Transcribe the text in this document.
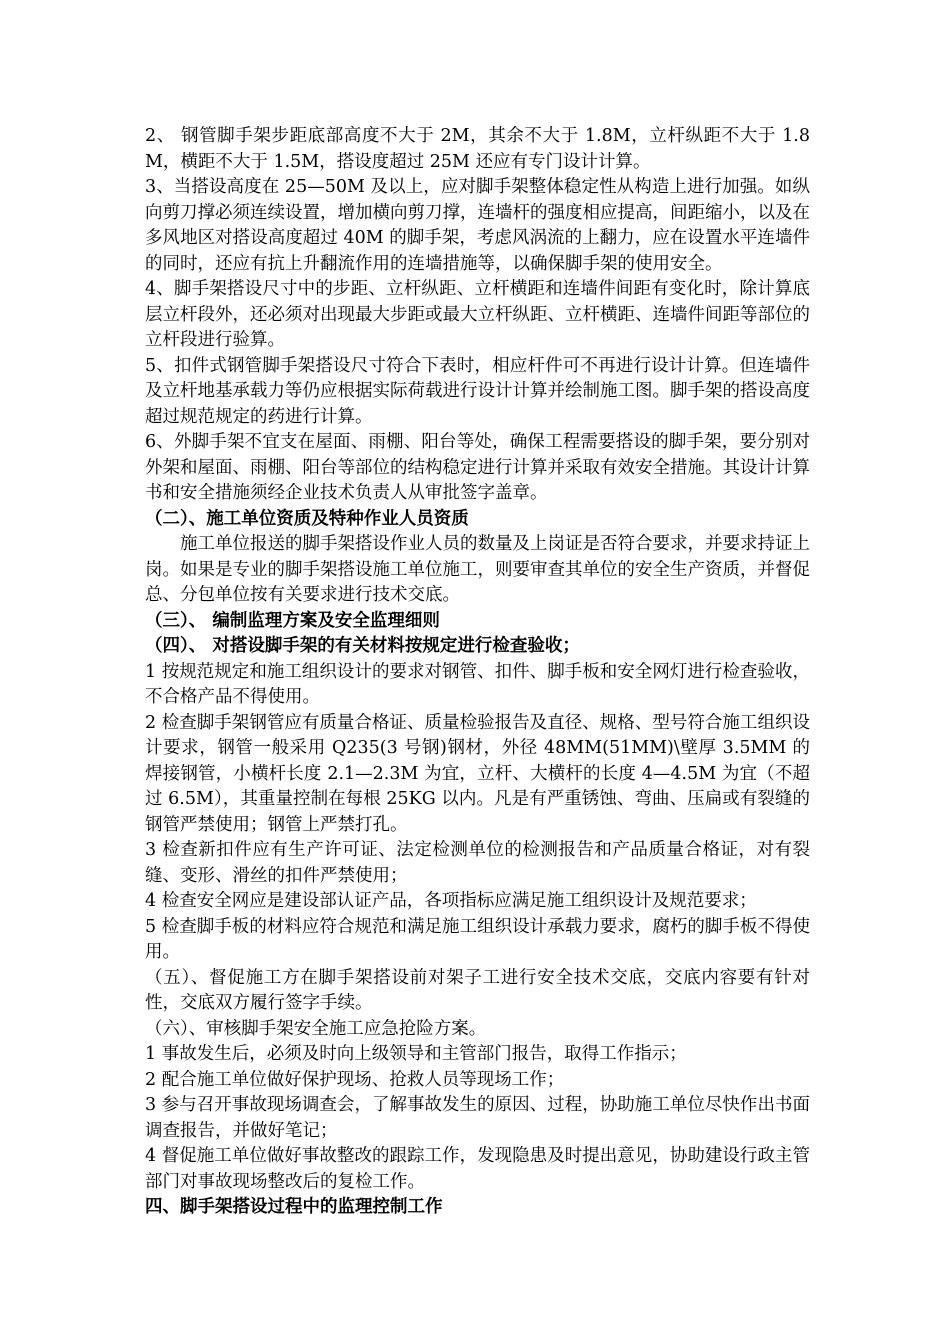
2、 钢管脚手架步距底部高度不大于 2M，其余不大于 1.8M，立杆纵距不大于 1.8M，横距不大于 1.5M，搭设度超过 25M 还应有专门设计计算。

3、当搭设高度在 25—50M 及以上，应对脚手架整体稳定性从构造上进行加强。如纵向剪刀撑必须连续设置，增加横向剪刀撑，连墙杆的强度相应提高，间距缩小，以及在多风地区对搭设高度超过 40M 的脚手架，考虑风涡流的上翻力，应在设置水平连墙件的同时，还应有抗上升翻流作用的连墙措施等，以确保脚手架的使用安全。

4、脚手架搭设尺寸中的步距、立杆纵距、立杆横距和连墙件间距有变化时，除计算底层立杆段外，还必须对出现最大步距或最大立杆纵距、立杆横距、连墙件间距等部位的立杆段进行验算。

5、扣件式钢管脚手架搭设尺寸符合下表时，相应杆件可不再进行设计计算。但连墙件及立杆地基承载力等仍应根据实际荷载进行设计计算并绘制施工图。脚手架的搭设高度超过规范规定的药进行计算。

6、外脚手架不宜支在屋面、雨棚、阳台等处，确保工程需要搭设的脚手架，要分别对外架和屋面、雨棚、阳台等部位的结构稳定进行计算并采取有效安全措施。其设计计算书和安全措施须经企业技术负责人从审批签字盖章。

（二）、施工单位资质及特种作业人员资质

施工单位报送的脚手架搭设作业人员的数量及上岗证是否符合要求，并要求持证上岗。如果是专业的脚手架搭设施工单位施工，则要审查其单位的安全生产资质，并督促总、分包单位按有关要求进行技术交底。

（三）、 编制监理方案及安全监理细则

（四）、 对搭设脚手架的有关材料按规定进行检查验收；

1 按规范规定和施工组织设计的要求对钢管、扣件、脚手板和安全网灯进行检查验收，不合格产品不得使用。

2 检查脚手架钢管应有质量合格证、质量检验报告及直径、规格、型号符合施工组织设计要求，钢管一般采用 Q235(3 号钢)钢材，外径 48MM(51MM)\壁厚 3.5MM 的焊接钢管，小横杆长度 2.1—2.3M 为宜，立杆、大横杆的长度 4—4.5M 为宜（不超过 6.5M），其重量控制在每根 25KG 以内。凡是有严重锈蚀、弯曲、压扁或有裂缝的钢管严禁使用；钢管上严禁打孔。

3 检查新扣件应有生产许可证、法定检测单位的检测报告和产品质量合格证，对有裂缝、变形、滑丝的扣件严禁使用；

4 检查安全网应是建设部认证产品，各项指标应满足施工组织设计及规范要求；

5 检查脚手板的材料应符合规范和满足施工组织设计承载力要求，腐朽的脚手板不得使用。

（五）、督促施工方在脚手架搭设前对架子工进行安全技术交底，交底内容要有针对性，交底双方履行签字手续。

（六）、审核脚手架安全施工应急抢险方案。

1 事故发生后，必须及时向上级领导和主管部门报告，取得工作指示；

2 配合施工单位做好保护现场、抢救人员等现场工作；

3 参与召开事故现场调查会，了解事故发生的原因、过程，协助施工单位尽快作出书面调查报告，并做好笔记；

4 督促施工单位做好事故整改的跟踪工作，发现隐患及时提出意见，协助建设行政主管部门对事故现场整改后的复检工作。

四、脚手架搭设过程中的监理控制工作
